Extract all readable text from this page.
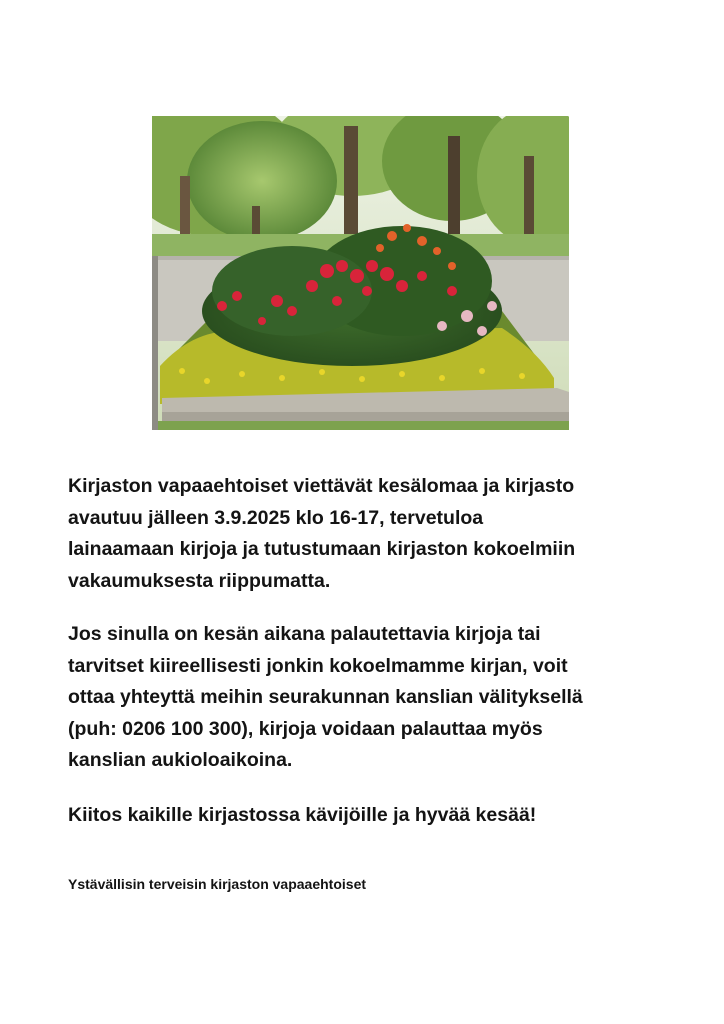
Kirjaston vapaaehtoiset viettävät kesälomaa ja kirjasto
avautuu jälleen 3.9.2025 klo 16-17, tervetuloa
lainaamaan kirjoja ja tutustumaan kirjaston kokoelmiin
vakaumuksesta riippumatta.
Jos sinulla on kesän aikana palautettavia kirjoja tai
tarvitset kiireellisesti jonkin kokoelmamme kirjan, voit
ottaa yhteyttä meihin seurakunnan kanslian välityksellä
(puh: 0206 100 300), kirjoja voidaan palauttaa myös
kanslian aukioloaikoina.
Kiitos kaikille kirjastossa kävijöille ja hyvää kesää!
Ystävällisin terveisin kirjaston vapaaehtoiset
